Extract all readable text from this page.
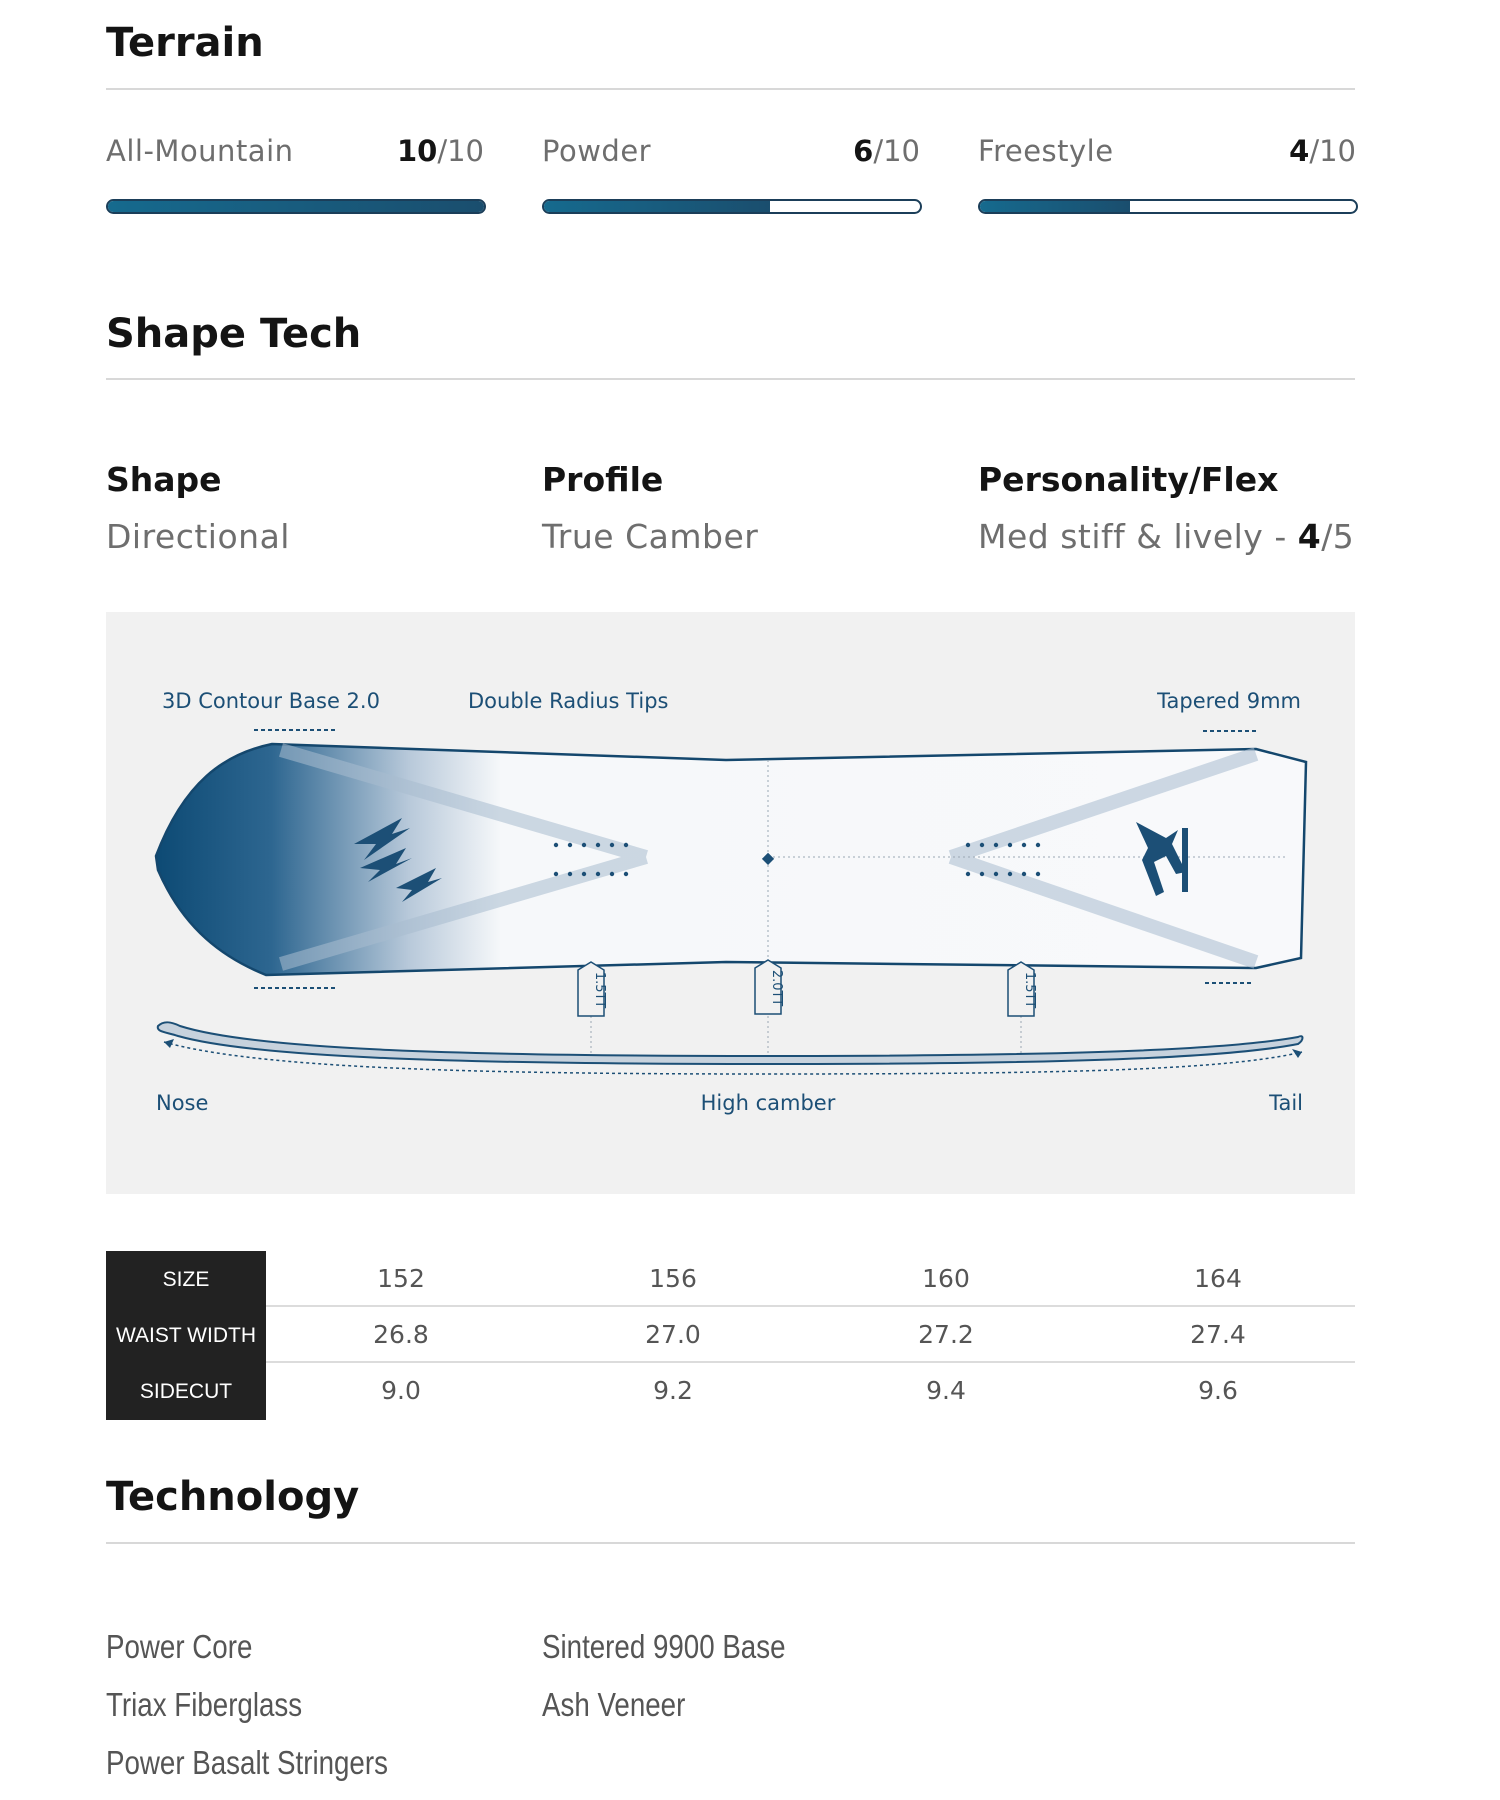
Terrain
All-Mountain	10/10 Powder	6/10 Freestyle	4/10
Shape Tech

Shape

Directional

Profile

True Camber

Personality/Flex

Med stiff & lively - 4/5
3D Contour Base 2.0	Double Radius Tips	Tapered 9mm
◆
1.5TT	2.0TT	1.5TT
Nose	High camber	Tail
SIZE	152	156	160	164
WAIST WIDTH	26.8	27.0	27.2	27.4
SIDECUT	9.0	9.2	9.4	9.6
Technology
Power Core
Triax Fiberglass
Power Basalt Stringers
Sintered 9900 Base
Ash Veneer
